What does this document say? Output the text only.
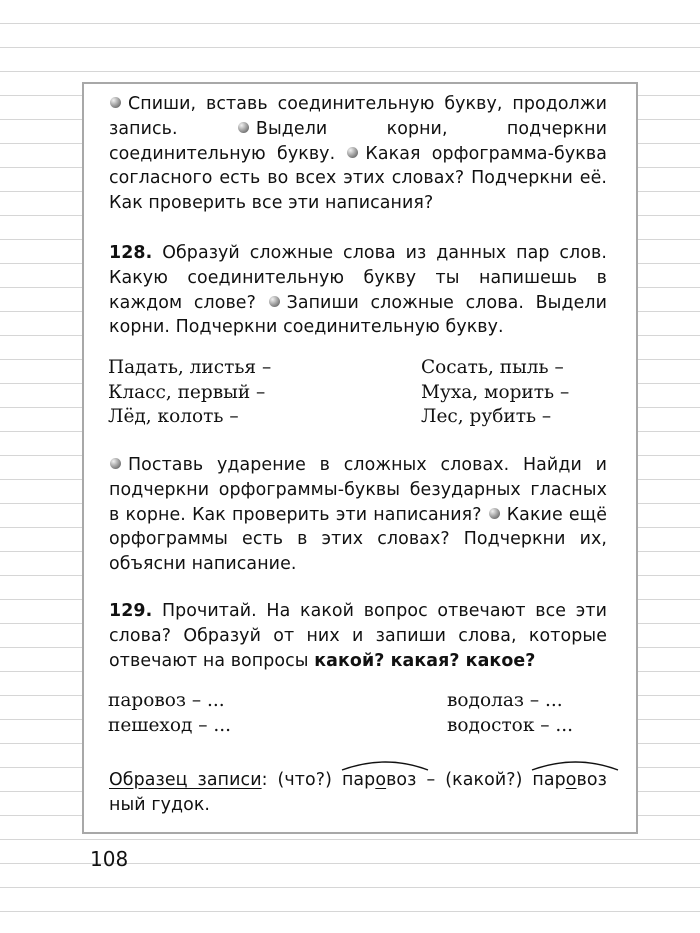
Спиши, вставь соединительную букву, продолжи запись.	Выдели корни, подчеркни соединительную букву. Какая орфограмма-буква согласного есть во всех этих словах? Подчеркни её. Как проверить все эти написания?

128. Образуй сложные слова из данных пар слов. Какую соединительную букву ты напишешь в каждом слове? Запиши сложные слова. Выдели корни. Подчеркни соединительную букву.

Падать, листья –
Класс, первый –
Лёд, колоть –
Сосать, пыль –
Муха, морить –
Лес, рубить –

Поставь ударение в сложных словах. Найди и подчеркни орфограммы-буквы безударных гласных в корне. Как проверить эти написания? Какие ещё орфограммы есть в этих словах? Подчеркни их, объясни написание.

129. Прочитай. На какой вопрос отвечают все эти слова? Образуй от них и запиши слова, которые отвечают на вопросы какой? какая? какое?

паровоз – ...
пешеход – ...
водолаз – ...
водосток – ...

Образец записи: (что?) паровоз – (какой?) паровозный гудок.

108
